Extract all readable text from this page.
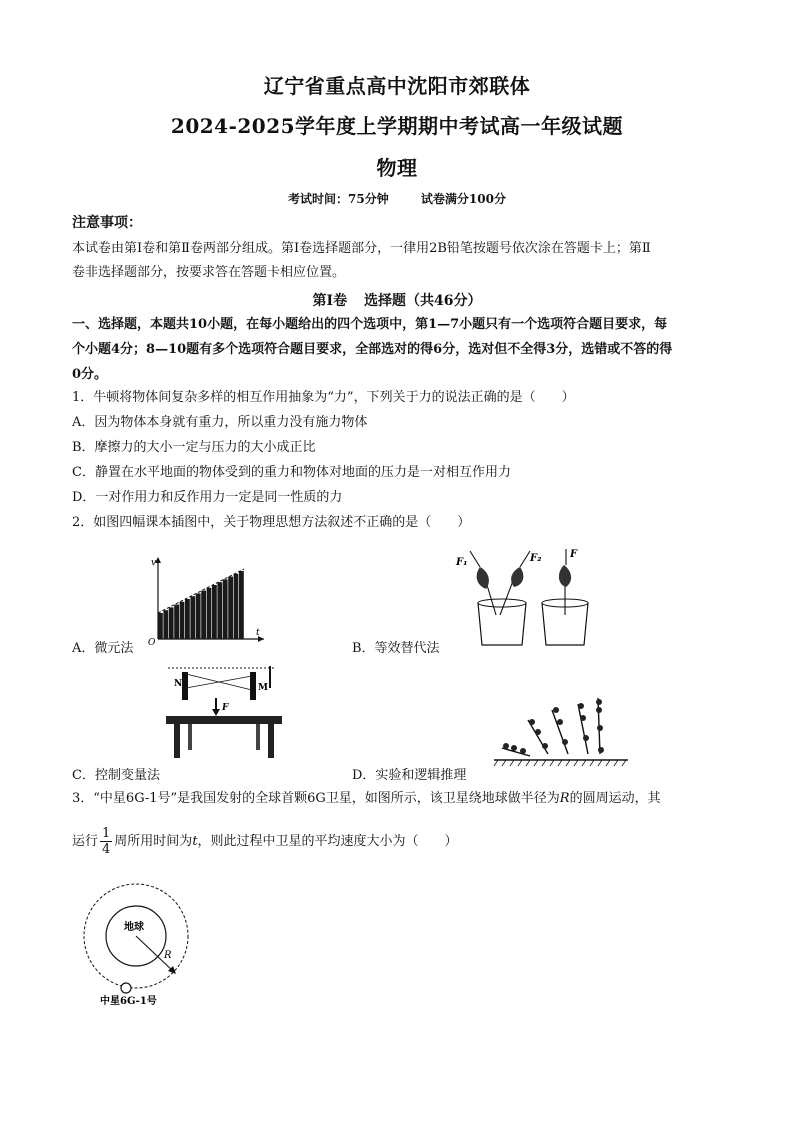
辽宁省重点高中沈阳市郊联体
2024-2025学年度上学期期中考试高一年级试题
物理
考试时间：75分钟	试卷满分100分
注意事项：
本试卷由第Ⅰ卷和第Ⅱ卷两部分组成。第Ⅰ卷选择题部分，一律用2B铅笔按题号依次涂在答题卡上；第Ⅱ
卷非选择题部分，按要求答在答题卡相应位置。
第Ⅰ卷 选择题（共46分）
一、选择题，本题共10小题，在每小题给出的四个选项中，第1—7小题只有一个选项符合题目要求，每
个小题4分；8—10题有多个选项符合题目要求，全部选对的得6分，选对但不全得3分，选错或不答的得
0分。
1．牛顿将物体间复杂多样的相互作用抽象为“力”，下列关于力的说法正确的是（　　）
A．因为物体本身就有重力，所以重力没有施力物体
B．摩擦力的大小一定与压力的大小成正比
C．静置在水平地面的物体受到的重力和物体对地面的压力是一对相互作用力
D．一对作用力和反作用力一定是同一性质的力
2．如图四幅课本插图中，关于物理思想方法叙述不正确的是（　　）
v
t
O
A．微元法
F₁	F₂	F
B．等效替代法
N	M
F
C．控制变量法	D．实验和逻辑推理
3．“中星6G-1号”是我国发射的全球首颗6G卫星，如图所示，该卫星绕地球做半径为R的圆周运动，其
运行 $\frac{1}{4}$ 周所用时间为t，则此过程中卫星的平均速度大小为（　　）
地球
R
中星6G-1号
